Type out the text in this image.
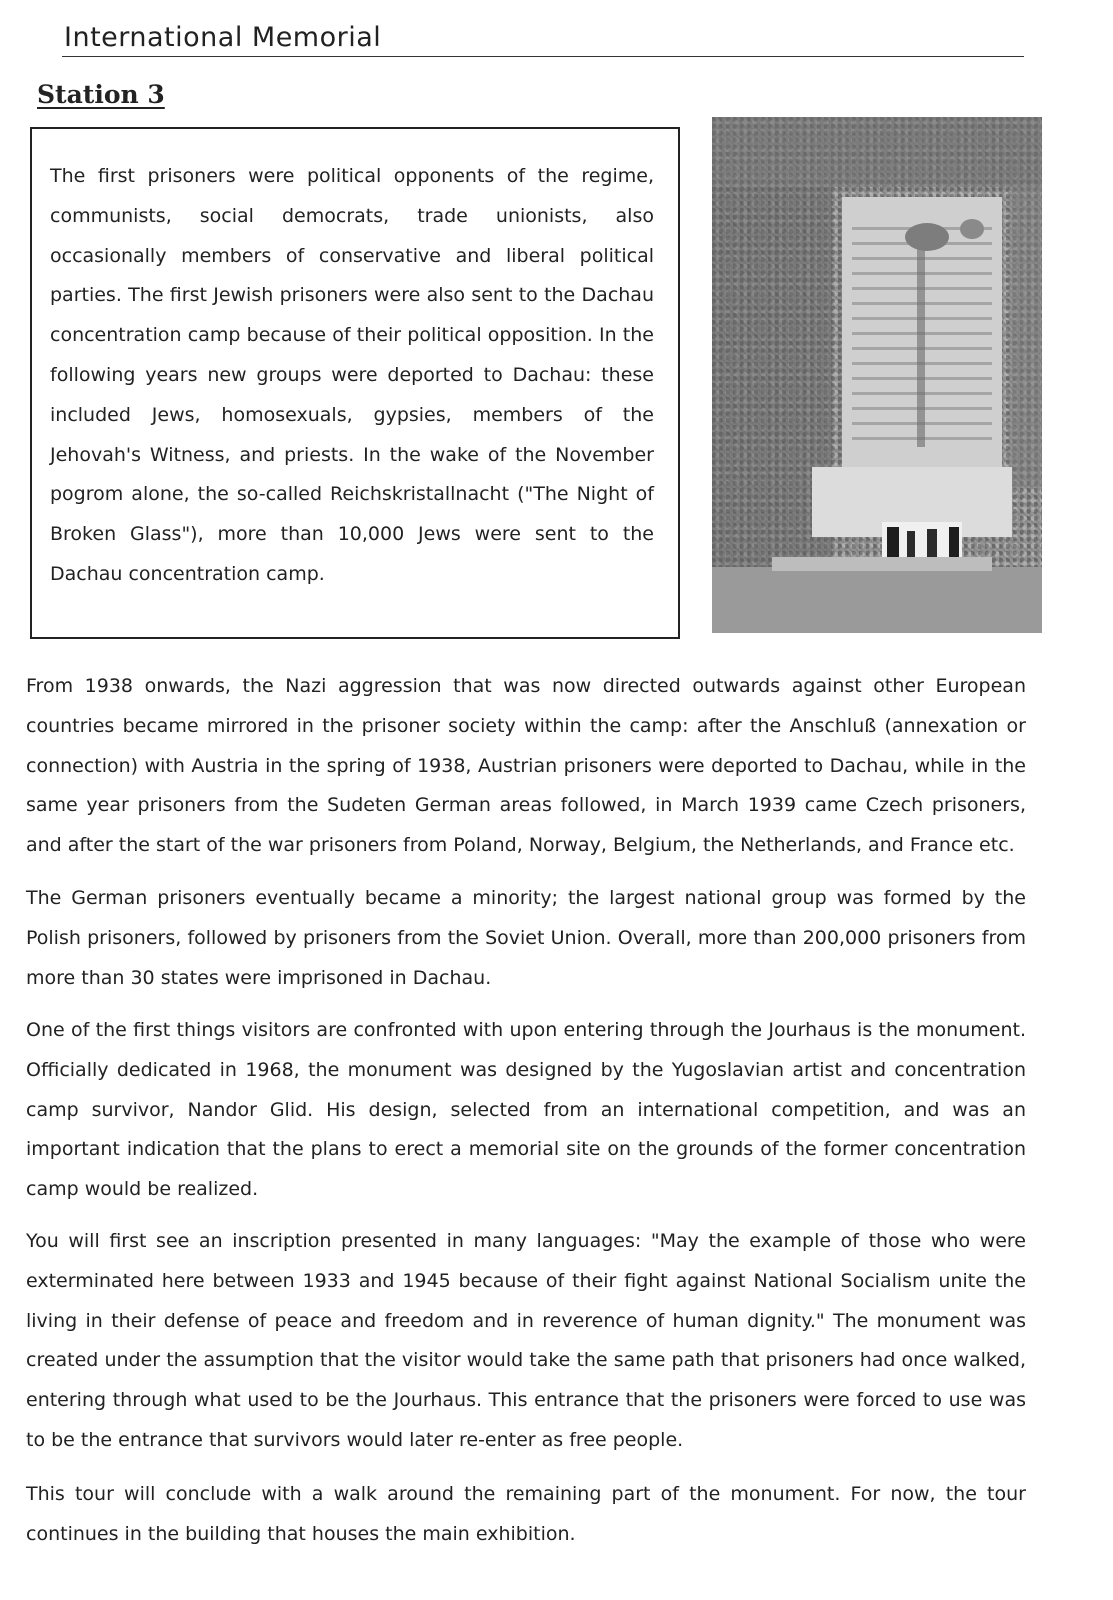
International Memorial
Station 3
The first prisoners were political opponents of the regime, communists, social democrats, trade unionists, also occasionally members of conservative and liberal political parties. The first Jewish prisoners were also sent to the Dachau concentration camp because of their political opposition. In the following years new groups were deported to Dachau: these included Jews, homosexuals, gypsies, members of the Jehovah's Witness, and priests. In the wake of the November pogrom alone, the so-called Reichskristallnacht ("The Night of Broken Glass"), more than 10,000 Jews were sent to the Dachau concentration camp.

From 1938 onwards, the Nazi aggression that was now directed outwards against other European countries became mirrored in the prisoner society within the camp: after the Anschluß (annexation or connection) with Austria in the spring of 1938, Austrian prisoners were deported to Dachau, while in the same year prisoners from the Sudeten German areas followed, in March 1939 came Czech prisoners, and after the start of the war prisoners from Poland, Norway, Belgium, the Netherlands, and France etc.

The German prisoners eventually became a minority; the largest national group was formed by the Polish prisoners, followed by prisoners from the Soviet Union. Overall, more than 200,000 prisoners from more than 30 states were imprisoned in Dachau.

One of the first things visitors are confronted with upon entering through the Jourhaus is the monument. Officially dedicated in 1968, the monument was designed by the Yugoslavian artist and concentration camp survivor, Nandor Glid. His design, selected from an international competition, and was an important indication that the plans to erect a memorial site on the grounds of the former concentration camp would be realized.

You will first see an inscription presented in many languages: "May the example of those who were exterminated here between 1933 and 1945 because of their fight against National Socialism unite the living in their defense of peace and freedom and in reverence of human dignity." The monument was created under the assumption that the visitor would take the same path that prisoners had once walked, entering through what used to be the Jourhaus. This entrance that the prisoners were forced to use was to be the entrance that survivors would later re-enter as free people.

This tour will conclude with a walk around the remaining part of the monument. For now, the tour continues in the building that houses the main exhibition.
